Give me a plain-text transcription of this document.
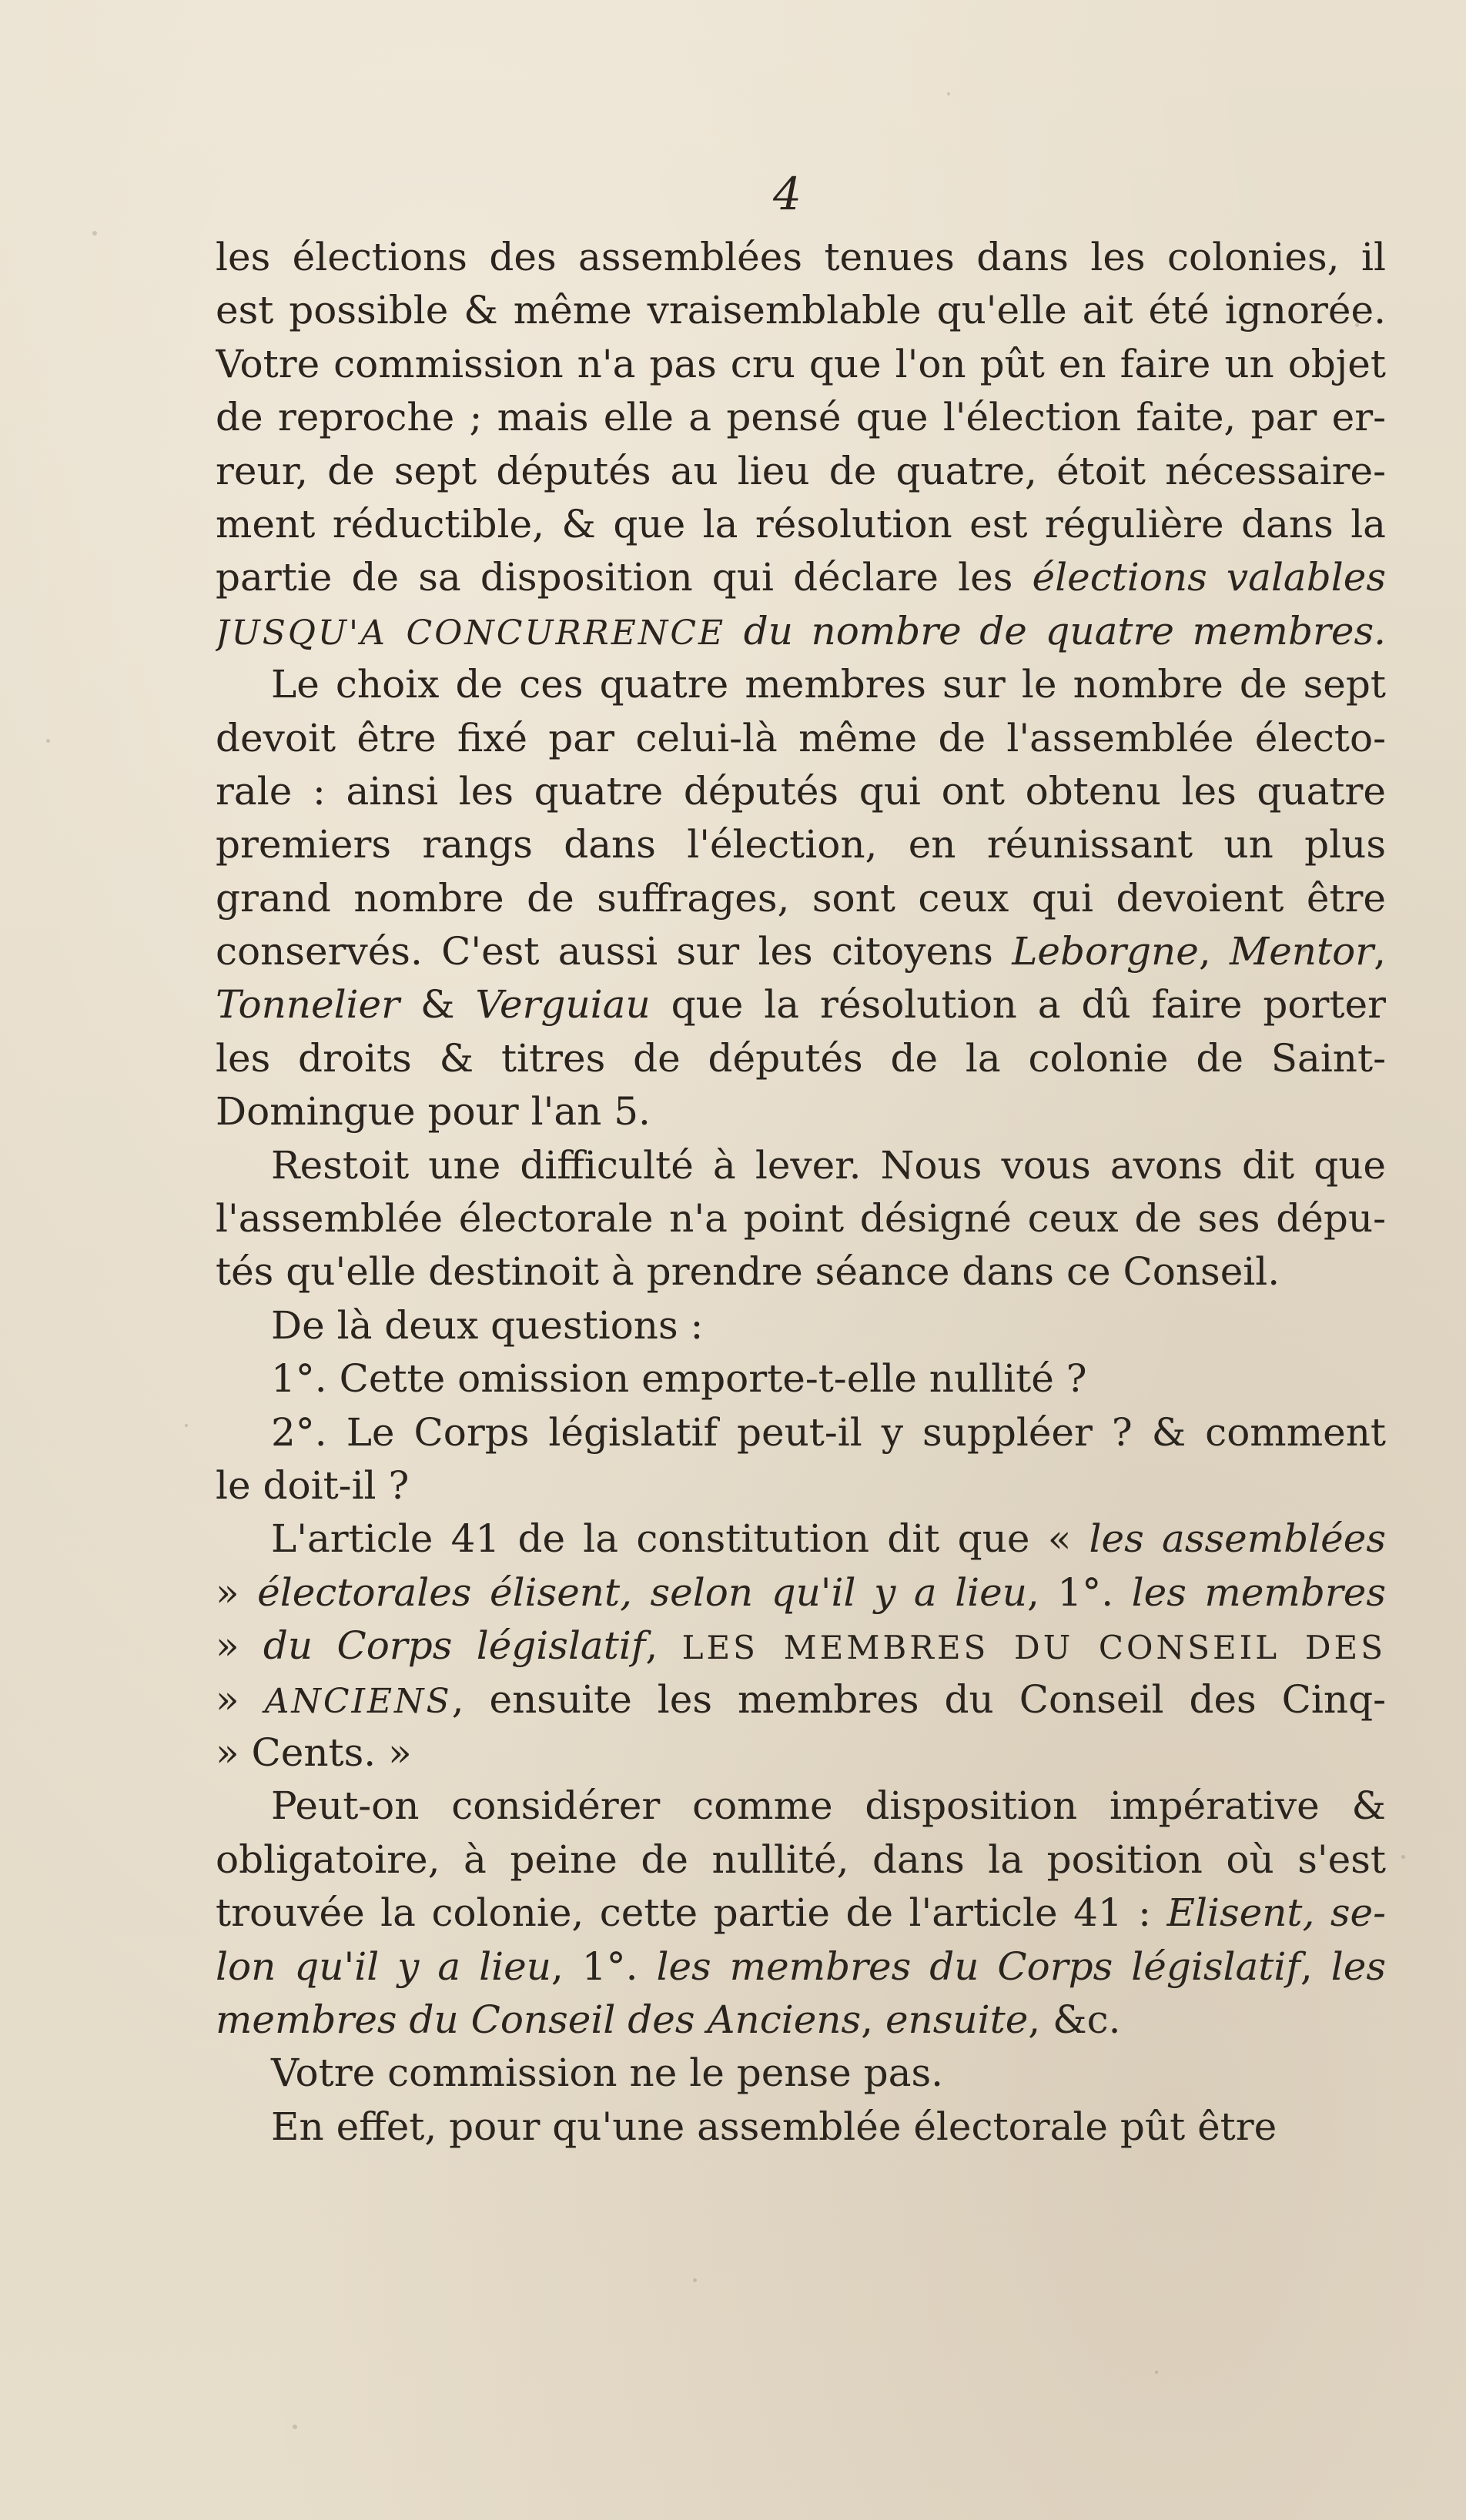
4
les élections des assemblées tenues dans les colonies, il
est possible & même vraisemblable qu'elle ait été ignorée.
Votre commission n'a pas cru que l'on pût en faire un objet
de reproche ; mais elle a pensé que l'élection faite, par er-
reur, de sept députés au lieu de quatre, étoit nécessaire-
ment réductible, & que la résolution est régulière dans la
partie de sa disposition qui déclare les élections valables
JUSQU'A CONCURRENCE du nombre de quatre membres.
Le choix de ces quatre membres sur le nombre de sept
devoit être fixé par celui-là même de l'assemblée électo-
rale : ainsi les quatre députés qui ont obtenu les quatre
premiers rangs dans l'élection, en réunissant un plus
grand nombre de suffrages, sont ceux qui devoient être
conservés. C'est aussi sur les citoyens Leborgne, Mentor,
Tonnelier & Verguiau que la résolution a dû faire porter
les droits & titres de députés de la colonie de Saint-
Domingue pour l'an 5.
Restoit une difficulté à lever. Nous vous avons dit que
l'assemblée électorale n'a point désigné ceux de ses dépu-
tés qu'elle destinoit à prendre séance dans ce Conseil.
De là deux questions :
1°. Cette omission emporte-t-elle nullité ?
2°. Le Corps législatif peut-il y suppléer ? & comment
le doit-il ?
L'article 41 de la constitution dit que « les assemblées
» électorales élisent, selon qu'il y a lieu, 1°. les membres
» du Corps législatif, LES MEMBRES DU CONSEIL DES
» ANCIENS, ensuite les membres du Conseil des Cinq-
» Cents. »
Peut-on considérer comme disposition impérative &
obligatoire, à peine de nullité, dans la position où s'est
trouvée la colonie, cette partie de l'article 41 : Elisent, se-
lon qu'il y a lieu, 1°. les membres du Corps législatif, les
membres du Conseil des Anciens, ensuite, &c.
Votre commission ne le pense pas.
En effet, pour qu'une assemblée électorale pût être
